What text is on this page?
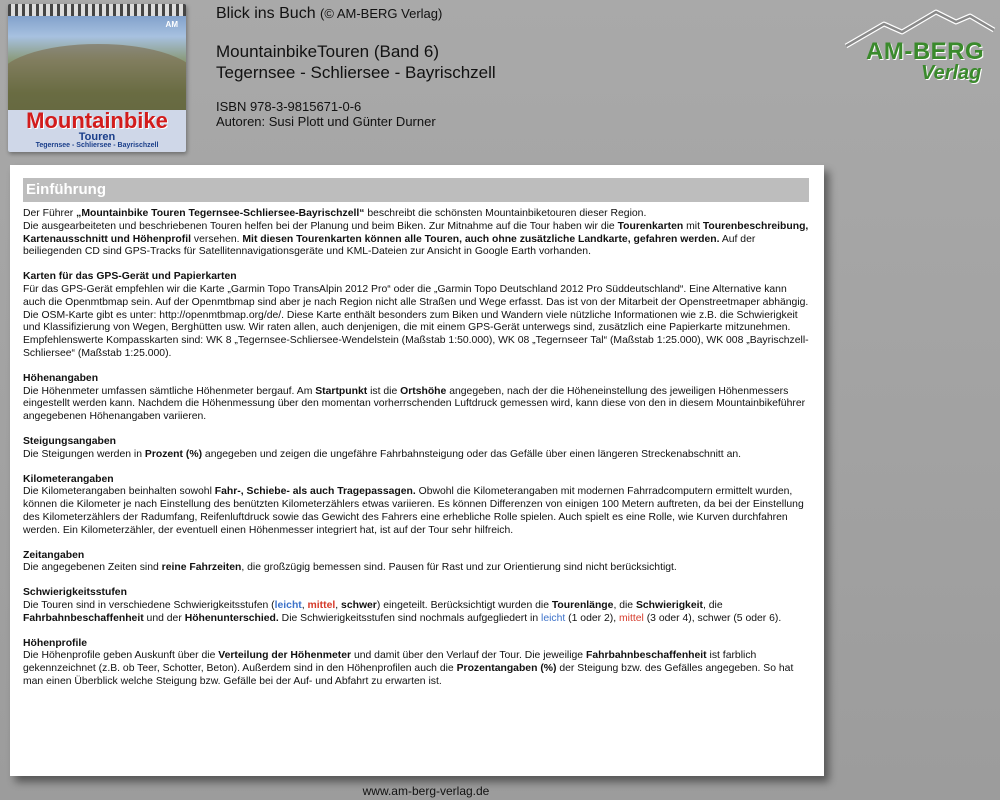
AM
Mountainbike
Touren
Tegernsee - Schliersee - Bayrischzell
Blick ins Buch (© AM-BERG Verlag)
MountainbikeTouren (Band 6)
Tegernsee - Schliersee - Bayrischzell
ISBN 978-3-9815671-0-6
Autoren: Susi Plott und Günter Durner
AM-BERG
Verlag
Einführung

Der Führer „Mountainbike Touren Tegernsee-Schliersee-Bayrischzell“ beschreibt die schönsten Mountainbiketouren dieser Region.
Die ausgearbeiteten und beschriebenen Touren helfen bei der Planung und beim Biken. Zur Mitnahme auf die Tour haben wir die Tourenkarten mit Tourenbeschreibung, Kartenausschnitt und Höhenprofil versehen. Mit diesen Tourenkarten können alle Touren, auch ohne zusätzliche Landkarte, gefahren werden. Auf der beiliegenden CD sind GPS-Tracks für Satellitennavigationsgeräte und KML-Dateien zur Ansicht in Google Earth vorhanden.

Karten für das GPS-Gerät und Papierkarten

Für das GPS-Gerät empfehlen wir die Karte „Garmin Topo TransAlpin 2012 Pro“ oder die „Garmin Topo Deutschland 2012 Pro Süddeutschland“. Eine Alternative kann auch die Openmtbmap sein. Auf der Openmtbmap sind aber je nach Region nicht alle Straßen und Wege erfasst. Das ist von der Mitarbeit der Openstreetmaper abhängig. Die OSM-Karte gibt es unter: http://openmtbmap.org/de/. Diese Karte enthält besonders zum Biken und Wandern viele nützliche Informationen wie z.B. die Schwierigkeit und Klassifizierung von Wegen, Berghütten usw. Wir raten allen, auch denjenigen, die mit einem GPS-Gerät unterwegs sind, zusätzlich eine Papierkarte mitzunehmen. Empfehlenswerte Kompasskarten sind: WK 8 „Tegernsee-Schliersee-Wendelstein (Maßstab 1:50.000), WK 08 „Tegernseer Tal“ (Maßstab 1:25.000), WK 008 „Bayrischzell-Schliersee“ (Maßstab 1:25.000).

Höhenangaben

Die Höhenmeter umfassen sämtliche Höhenmeter bergauf. Am Startpunkt ist die Ortshöhe angegeben, nach der die Höheneinstellung des jeweiligen Höhenmessers eingestellt werden kann. Nachdem die Höhenmessung über den momentan vorherrschenden Luftdruck gemessen wird, kann diese von den in diesem Mountainbikeführer angegebenen Höhenangaben variieren.

Steigungsangaben

Die Steigungen werden in Prozent (%) angegeben und zeigen die ungefähre Fahrbahnsteigung oder das Gefälle über einen längeren Streckenabschnitt an.

Kilometerangaben

Die Kilometerangaben beinhalten sowohl Fahr-, Schiebe- als auch Tragepassagen. Obwohl die Kilometerangaben mit modernen Fahrradcomputern ermittelt wurden, können die Kilometer je nach Einstellung des benützten Kilometerzählers etwas variieren. Es können Differenzen von einigen 100 Metern auftreten, da bei der Einstellung des Kilometerzählers der Radumfang, Reifenluftdruck sowie das Gewicht des Fahrers eine erhebliche Rolle spielen. Auch spielt es eine Rolle, wie Kurven durchfahren werden. Ein Kilometerzähler, der eventuell einen Höhenmesser integriert hat, ist auf der Tour sehr hilfreich.

Zeitangaben

Die angegebenen Zeiten sind reine Fahrzeiten, die großzügig bemessen sind. Pausen für Rast und zur Orientierung sind nicht berücksichtigt.

Schwierigkeitsstufen

Die Touren sind in verschiedene Schwierigkeitsstufen (leicht, mittel, schwer) eingeteilt. Berücksichtigt wurden die Tourenlänge, die Schwierigkeit, die Fahrbahnbeschaffenheit und der Höhenunterschied. Die Schwierigkeitsstufen sind nochmals aufgegliedert in leicht (1 oder 2), mittel (3 oder 4), schwer (5 oder 6).

Höhenprofile

Die Höhenprofile geben Auskunft über die Verteilung der Höhenmeter und damit über den Verlauf der Tour. Die jeweilige Fahrbahnbeschaffenheit ist farblich gekennzeichnet (z.B. ob Teer, Schotter, Beton). Außerdem sind in den Höhenprofilen auch die Prozentangaben (%) der Steigung bzw. des Gefälles angegeben. So hat man einen Überblick welche Steigung bzw. Gefälle bei der Auf- und Abfahrt zu erwarten ist.

www.am-berg-verlag.de
